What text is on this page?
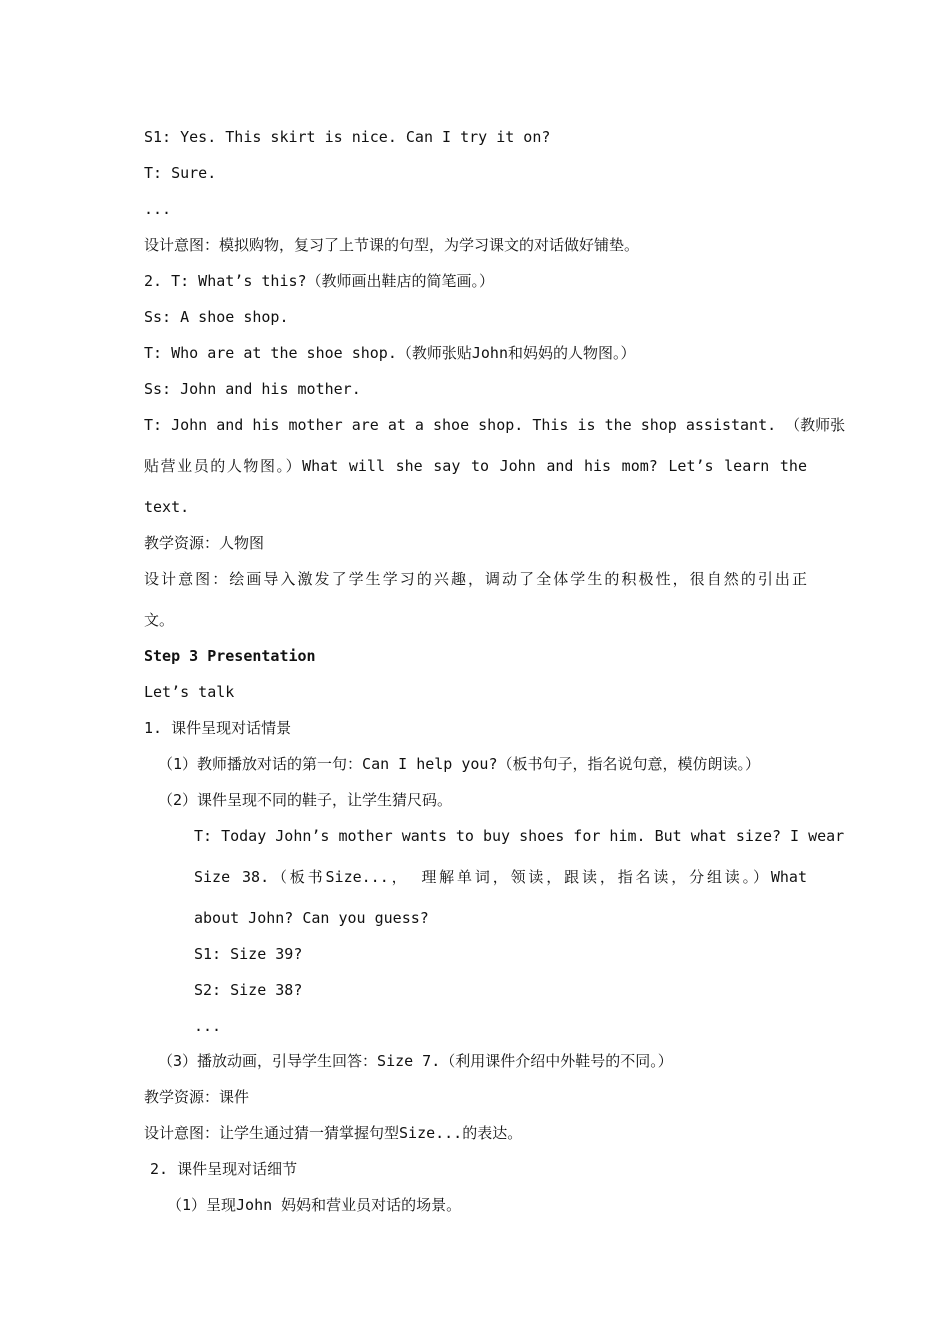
S1: Yes. This skirt is nice. Can I try it on?
T: Sure.
...
设计意图：模拟购物，复习了上节课的句型，为学习课文的对话做好铺垫。
2. T: What’s this?（教师画出鞋店的简笔画。）
Ss: A shoe shop.
T: Who are at the shoe shop.（教师张贴John和妈妈的人物图。）
Ss: John and his mother.
T: John and his mother are at a shoe shop. This is the shop assistant. （教师张
贴营业员的人物图。）What will she say to John and his mom? Let’s learn the
text.
教学资源：人物图
设计意图：绘画导入激发了学生学习的兴趣，调动了全体学生的积极性，很自然的引出正
文。
Step 3 Presentation
Let’s talk
1. 课件呈现对话情景
（1）教师播放对话的第一句：Can I help you?（板书句子，指名说句意，模仿朗读。）
（2）课件呈现不同的鞋子，让学生猜尺码。
T: Today John’s mother wants to buy shoes for him. But what size? I wear
Size 38.（板书Size...， 理解单词，领读，跟读，指名读，分组读。）What
about John? Can you guess?
S1: Size 39?
S2: Size 38?
...
（3）播放动画，引导学生回答：Size 7.（利用课件介绍中外鞋号的不同。）
教学资源：课件
设计意图：让学生通过猜一猜掌握句型Size...的表达。
2. 课件呈现对话细节
（1）呈现John 妈妈和营业员对话的场景。
